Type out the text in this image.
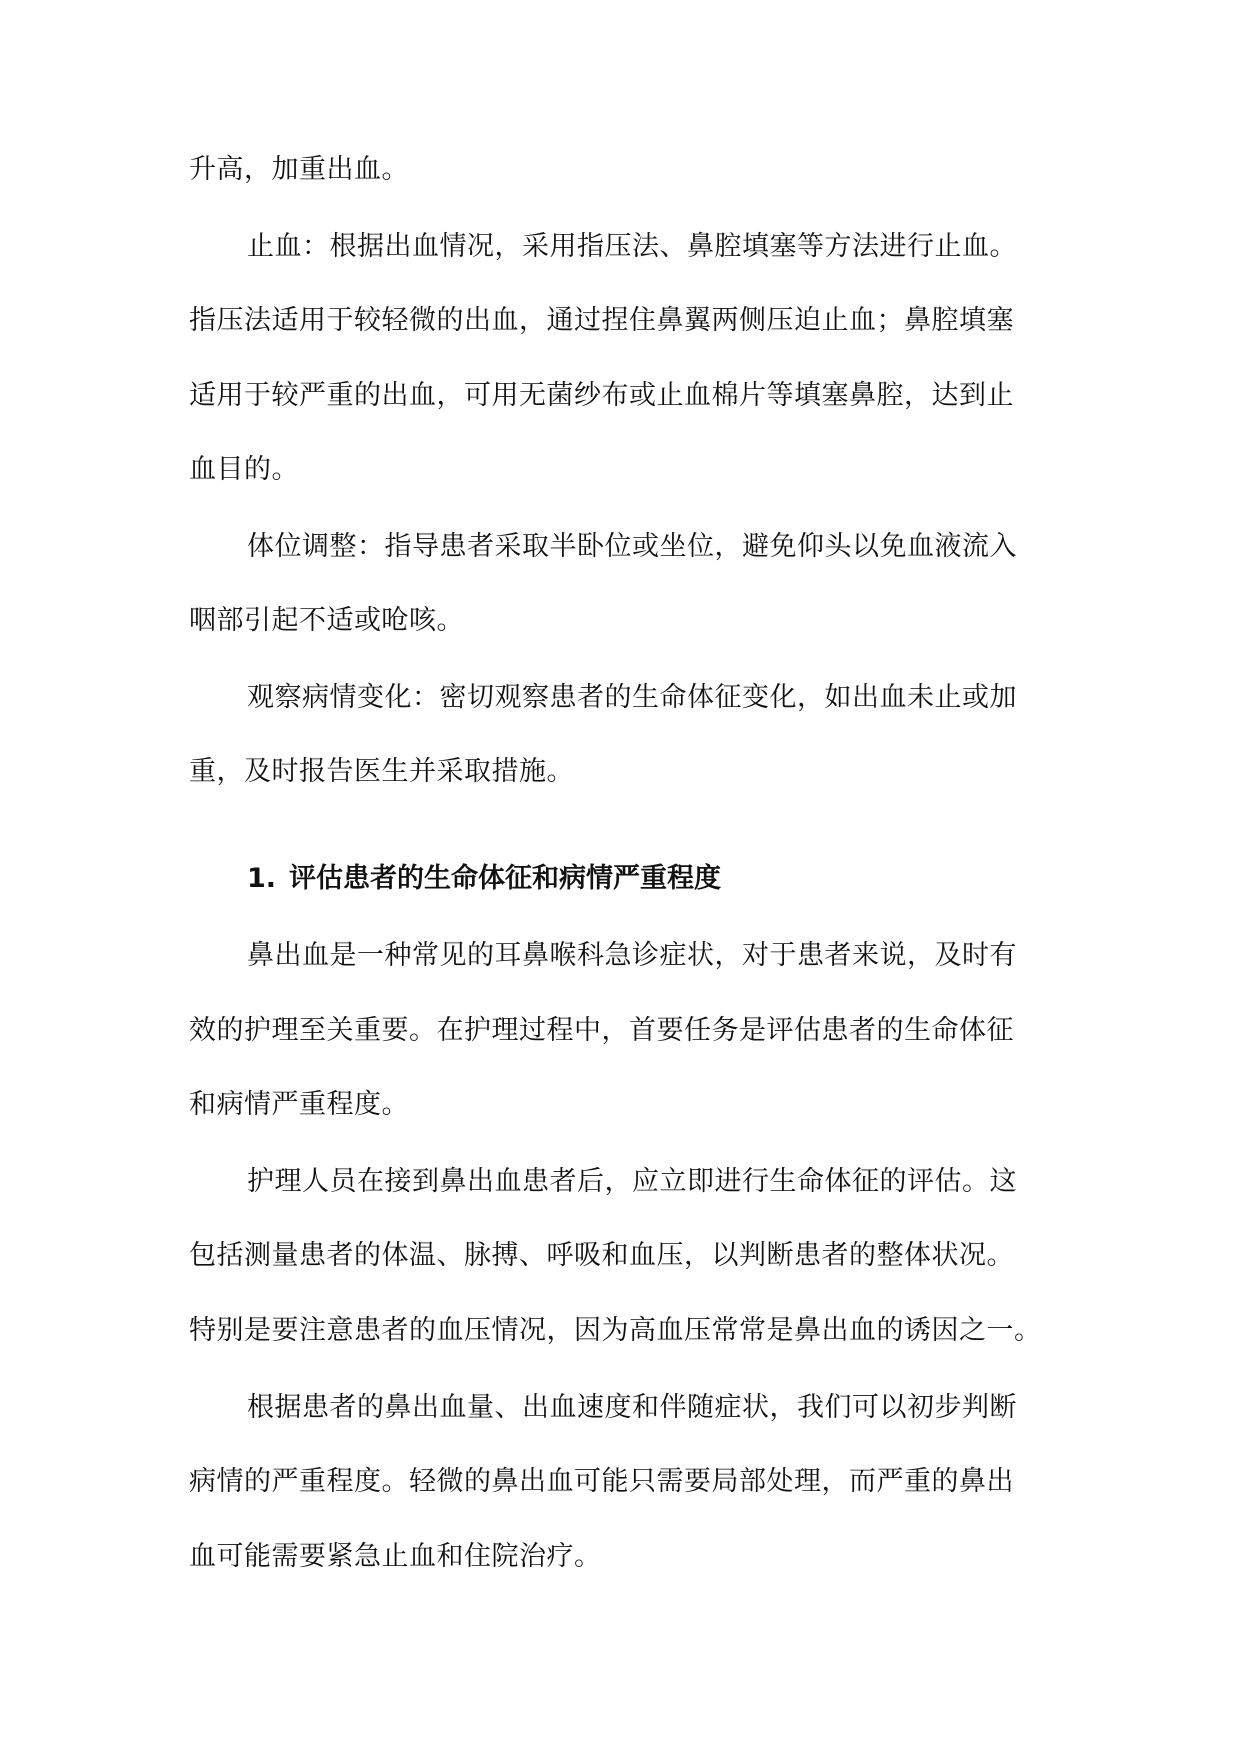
升高，加重出血。
止血：根据出血情况，采用指压法、鼻腔填塞等方法进行止血。
指压法适用于较轻微的出血，通过捏住鼻翼两侧压迫止血；鼻腔填塞
适用于较严重的出血，可用无菌纱布或止血棉片等填塞鼻腔，达到止
血目的。
体位调整：指导患者采取半卧位或坐位，避免仰头以免血液流入
咽部引起不适或呛咳。
观察病情变化：密切观察患者的生命体征变化，如出血未止或加
重，及时报告医生并采取措施。
1. 评估患者的生命体征和病情严重程度
鼻出血是一种常见的耳鼻喉科急诊症状，对于患者来说，及时有
效的护理至关重要。在护理过程中，首要任务是评估患者的生命体征
和病情严重程度。
护理人员在接到鼻出血患者后，应立即进行生命体征的评估。这
包括测量患者的体温、脉搏、呼吸和血压，以判断患者的整体状况。
特别是要注意患者的血压情况，因为高血压常常是鼻出血的诱因之一。
根据患者的鼻出血量、出血速度和伴随症状，我们可以初步判断
病情的严重程度。轻微的鼻出血可能只需要局部处理，而严重的鼻出
血可能需要紧急止血和住院治疗。
